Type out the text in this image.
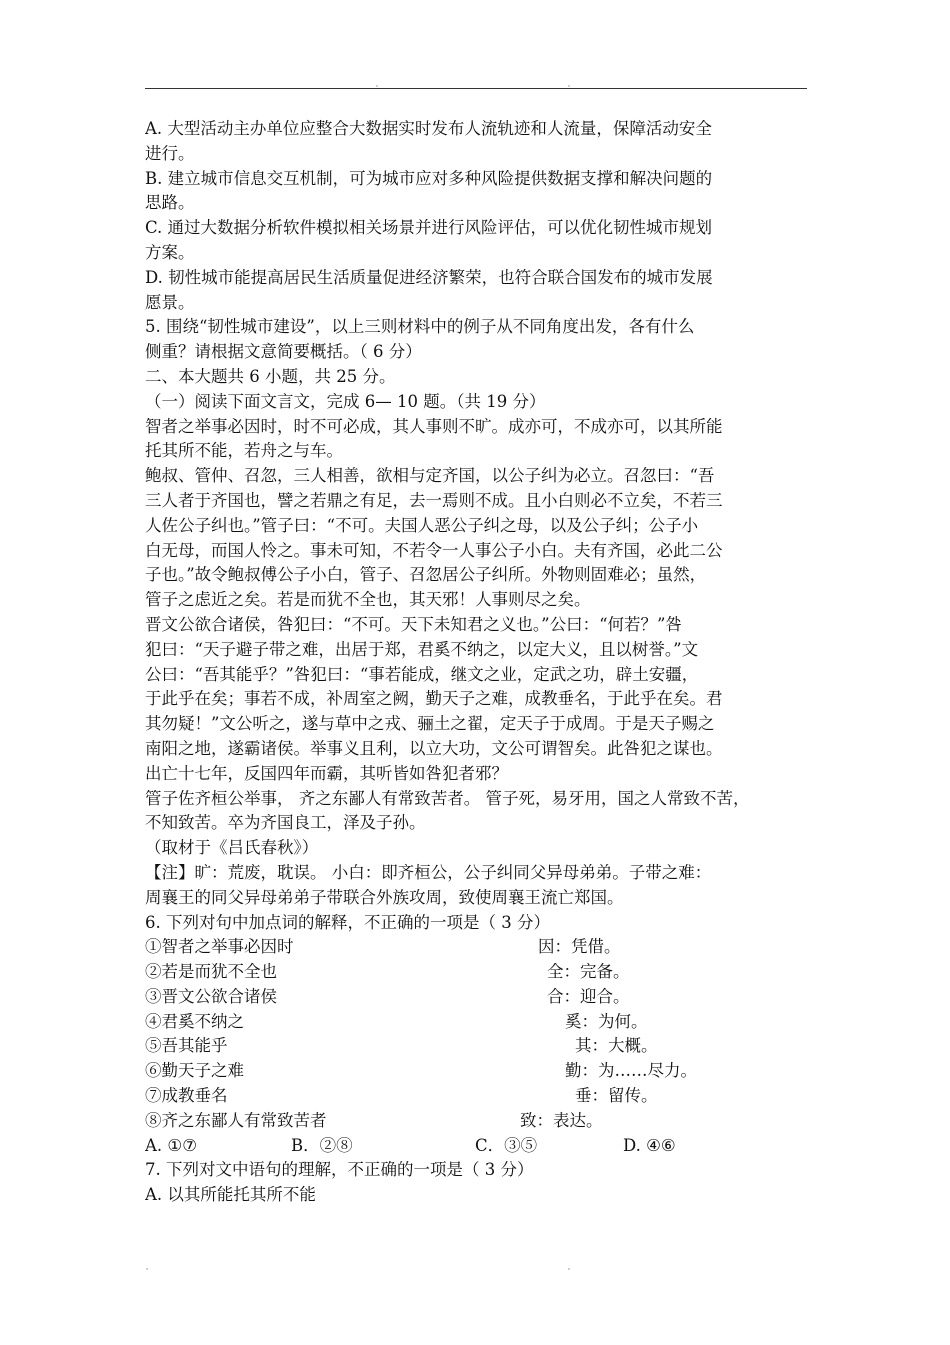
A. 大型活动主办单位应整合大数据实时发布人流轨迹和人流量，保障活动安全
进行。
B. 建立城市信息交互机制，可为城市应对多种风险提供数据支撑和解决问题的
思路。
C. 通过大数据分析软件模拟相关场景并进行风险评估，可以优化韧性城市规划
方案。
D. 韧性城市能提高居民生活质量促进经济繁荣，也符合联合国发布的城市发展
愿景。
5. 围绕“韧性城市建设”，以上三则材料中的例子从不同角度出发，各有什么
侧重？请根据文意简要概括。（ 6 分）
二、本大题共 6 小题，共 25 分。
（一）阅读下面文言文，完成 6— 10 题。（共 19 分）
智者之举事必因时，时不可必成，其人事则不旷。成亦可，不成亦可，以其所能
托其所不能，若舟之与车。
鲍叔、管仲、召忽，三人相善，欲相与定齐国，以公子纠为必立。召忽曰：“吾
三人者于齐国也，譬之若鼎之有足，去一焉则不成。且小白则必不立矣，不若三
人佐公子纠也。”管子曰：“不可。夫国人恶公子纠之母，以及公子纠；公子小
白无母，而国人怜之。事未可知，不若令一人事公子小白。夫有齐国，必此二公
子也。”故令鲍叔傅公子小白，管子、召忽居公子纠所。外物则固难必；虽然，
管子之虑近之矣。若是而犹不全也，其天邪！人事则尽之矣。
晋文公欲合诸侯，咎犯曰：“不可。天下未知君之义也。”公曰：“何若？”咎
犯曰：“天子避子带之难，出居于郑，君奚不纳之，以定大义，且以树誉。”文
公曰：“吾其能乎？”咎犯曰：“事若能成，继文之业，定武之功，辟土安疆，
于此乎在矣；事若不成，补周室之阙，勤天子之难，成教垂名，于此乎在矣。君
其勿疑！”文公听之，遂与草中之戎、骊土之翟，定天子于成周。于是天子赐之
南阳之地，遂霸诸侯。举事义且利，以立大功，文公可谓智矣。此咎犯之谋也。
出亡十七年，反国四年而霸，其听皆如咎犯者邪？
管子佐齐桓公举事， 齐之东鄙人有常致苦者。 管子死，易牙用，国之人常致不苦，
不知致苦。卒为齐国良工，泽及子孙。
（取材于《吕氏春秋》）
【注】旷：荒废，耽误。 小白：即齐桓公，公子纠同父异母弟弟。子带之难：
周襄王的同父异母弟弟子带联合外族攻周，致使周襄王流亡郑国。
6. 下列对句中加点词的解释，不正确的一项是（ 3 分）
①智者之举事必因时	因：凭借。
②若是而犹不全也	全：完备。
③晋文公欲合诸侯	合：迎合。
④君奚不纳之	奚：为何。
⑤吾其能乎	其：大概。
⑥勤天子之难	勤：为……尽力。
⑦成教垂名	垂：留传。
⑧齐之东鄙人有常致苦者	致：表达。
A. ①⑦	B．②⑧	C．③⑤	D. ④⑥
7. 下列对文中语句的理解，不正确的一项是（ 3 分）
A. 以其所能托其所不能
